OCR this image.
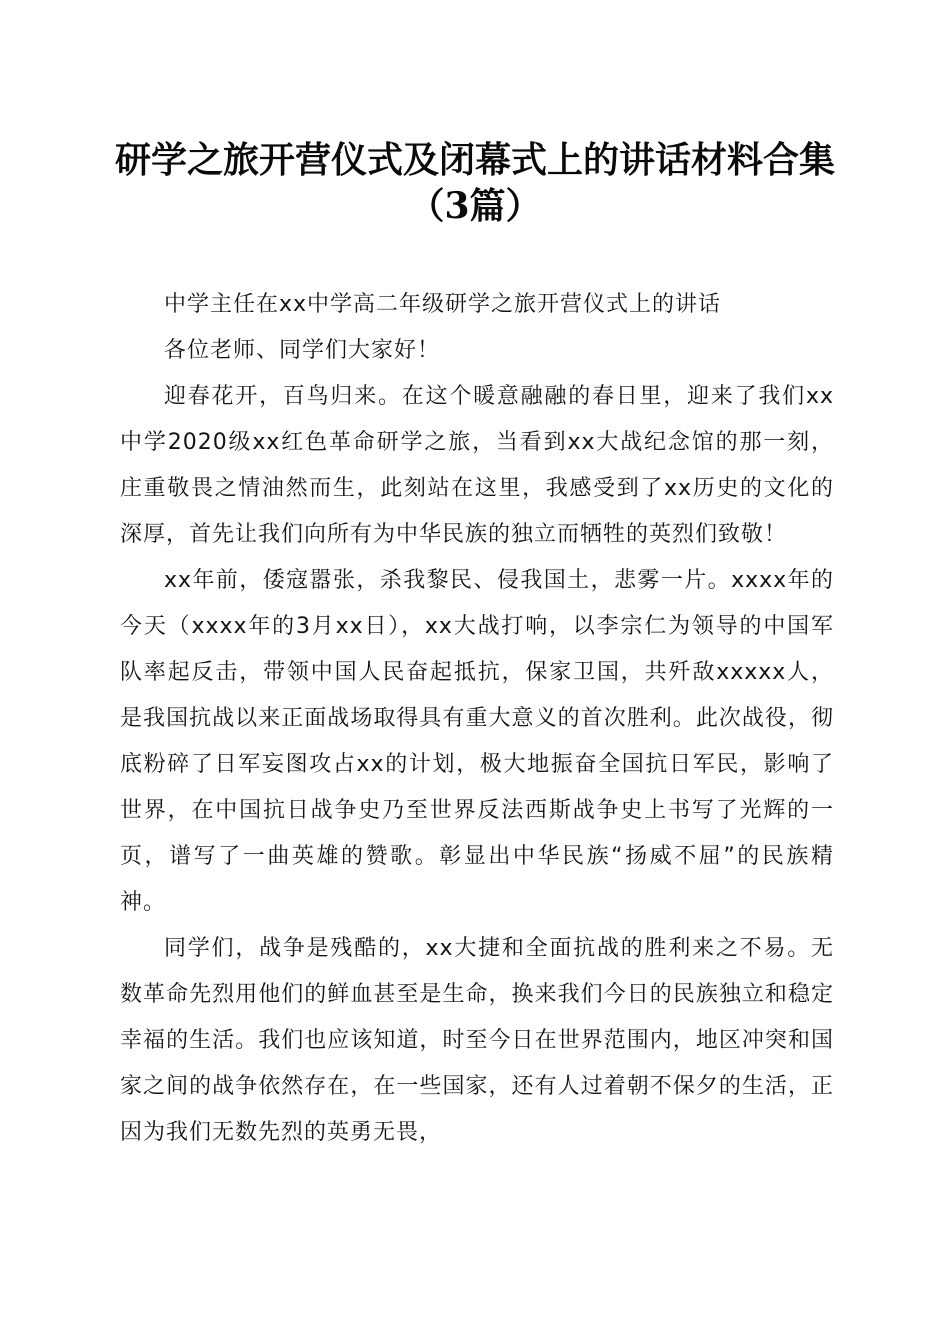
研学之旅开营仪式及闭幕式上的讲话材料合集
（3篇）

中学主任在xx中学高二年级研学之旅开营仪式上的讲话

各位老师、同学们大家好！

迎春花开，百鸟归来。在这个暖意融融的春日里，迎来了我们xx中学2020级xx红色革命研学之旅，当看到xx大战纪念馆的那一刻，庄重敬畏之情油然而生，此刻站在这里，我感受到了xx历史的文化的深厚，首先让我们向所有为中华民族的独立而牺牲的英烈们致敬！

xx年前，倭寇嚣张，杀我黎民、侵我国土，悲雾一片。xxxx年的今天（xxxx年的3月xx日），xx大战打响，以李宗仁为领导的中国军队率起反击，带领中国人民奋起抵抗，保家卫国，共歼敌xxxxx人，是我国抗战以来正面战场取得具有重大意义的首次胜利。此次战役，彻底粉碎了日军妄图攻占xx的计划，极大地振奋全国抗日军民，影响了世界，在中国抗日战争史乃至世界反法西斯战争史上书写了光辉的一页，谱写了一曲英雄的赞歌。彰显出中华民族“扬威不屈”的民族精神。

同学们，战争是残酷的，xx大捷和全面抗战的胜利来之不易。无数革命先烈用他们的鲜血甚至是生命，换来我们今日的民族独立和稳定幸福的生活。我们也应该知道，时至今日在世界范围内，地区冲突和国家之间的战争依然存在，在一些国家，还有人过着朝不保夕的生活，正因为我们无数先烈的英勇无畏，
